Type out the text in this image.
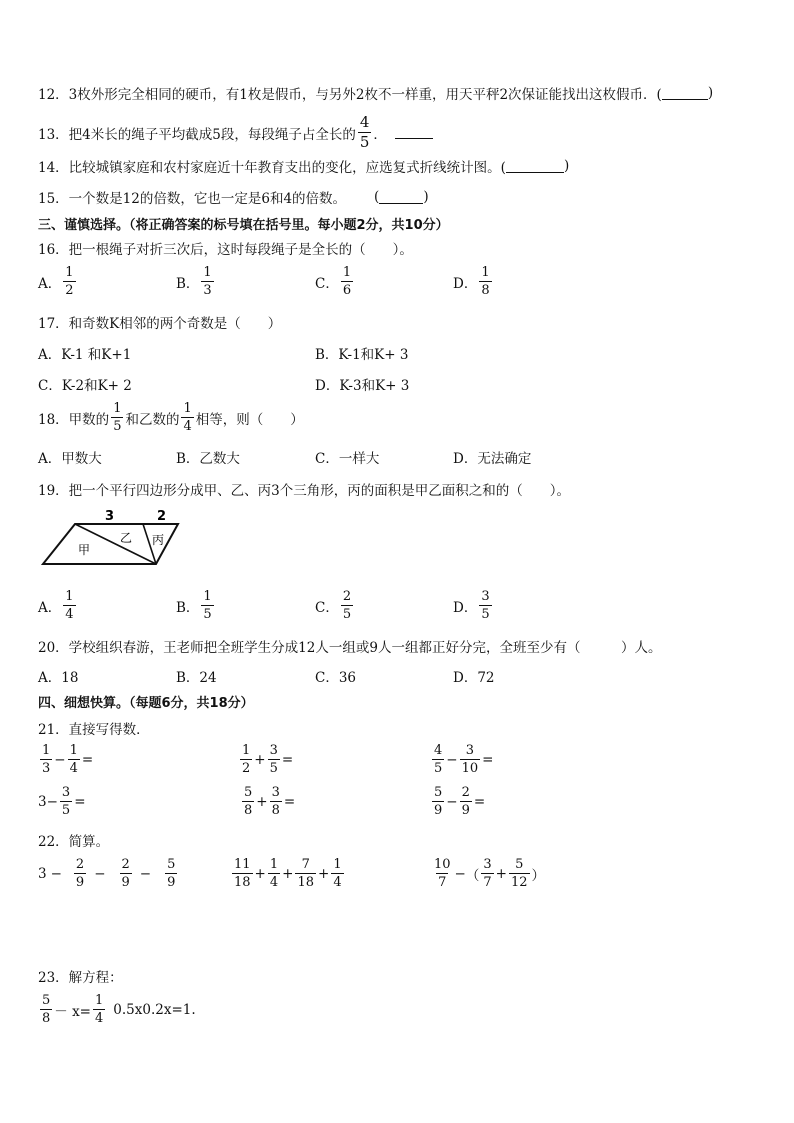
12．3枚外形完全相同的硬币，有1枚是假币，与另外2枚不一样重，用天平秤2次保证能找出这枚假币．(	)
13．把4米长的绳子平均截成5段，每段绳子占全长的 $\frac{4}{5}$ ．
14．比较城镇家庭和农村家庭近十年教育支出的变化，应选复式折线统计图。(	)
15．一个数是12的倍数，它也一定是6和4的倍数。 (	)
三、谨慎选择。（将正确答案的标号填在括号里。每小题2分，共10分）
16．把一根绳子对折三次后，这时每段绳子是全长的（　　）。
A． $\frac{1}{2}$	B． $\frac{1}{3}$	C． $\frac{1}{6}$	D． $\frac{1}{8}$
17．和奇数K相邻的两个奇数是（　　）
A．K-1 和K+1	B．K-1和K+ 3
C．K-2和K+ 2	D．K-3和K+ 3
18．甲数的 $\frac{1}{5}$ 和乙数的 $\frac{1}{4}$ 相等，则（　　）
A．甲数大	B．乙数大	C．一样大	D．无法确定
19．把一个平行四边形分成甲、乙、丙3个三角形，丙的面积是甲乙面积之和的（　　）。
3	2
甲
乙 丙
A． $\frac{1}{4}$	B． $\frac{1}{5}$	C． $\frac{2}{5}$	D． $\frac{3}{5}$
20．学校组织春游，王老师把全班学生分成12人一组或9人一组都正好分完，全班至少有（　　　）人。
A．18	B．24	C．36	D．72
四、细想快算。（每题6分，共18分）
21．直接写得数．
$\frac{1}{3} - \frac{1}{4}$ =	$\frac{1}{2} + \frac{3}{5}$ =	$\frac{4}{5} - \frac{3}{10}$ =
$3 - \frac{3}{5}$ =	$\frac{5}{8} + \frac{3}{8}$ =	$\frac{5}{9} - \frac{2}{9}$ =
22．简算。
$3 - \frac{2}{9} - \frac{2}{9} - \frac{5}{9}$	$\frac{11}{18} + \frac{1}{4} + \frac{7}{18} + \frac{1}{4}$	$\frac{10}{7}$ − （ $\frac{3}{7} + \frac{5}{12}$ ）
23．解方程：
$\frac{5}{8} - x= \frac{1}{4} 0.5x0.2x=1$.
